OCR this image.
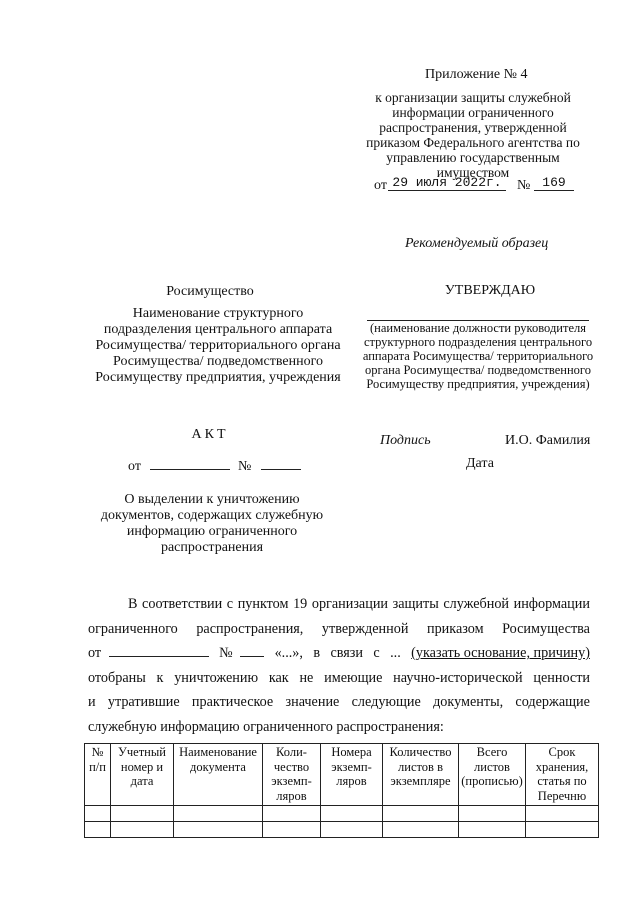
Приложение № 4
к организации защиты служебной информации ограниченного распространения, утвержденной приказом Федерального агентства по управлению государственным имуществом
от 29 июля 2022г.	№ 169
Рекомендуемый образец
Росимущество
Наименование структурного подразделения центрального аппарата Росимущества/ территориального органа Росимущества/ подведомственного Росимуществу предприятия, учреждения
АКТ
от	№
О выделении к уничтожению документов, содержащих служебную информацию ограниченного распространения
УТВЕРЖДАЮ
(наименование должности руководителя структурного подразделения центрального аппарата Росимущества/ территориального органа Росимущества/ подведомственного Росимуществу предприятия, учреждения)
Подпись	И.О. Фамилия
Дата
В соответствии с пунктом 19 организации защиты служебной информации
ограниченного распространения, утвержденной приказом Росимущества
от	№	«...», в связи с ... (указать основание, причину)
отобраны к уничтожению как не имеющие научно-исторической ценности
и утратившие практическое значение следующие документы, содержащие
служебную информацию ограниченного распространения:
№ п/п	Учетный номер и дата	Наименование документа	Коли-чество экземп-ляров	Номера экземп-ляров	Количество листов в экземпляре	Всего листов (прописью)	Срок хранения, статья по Перечню
